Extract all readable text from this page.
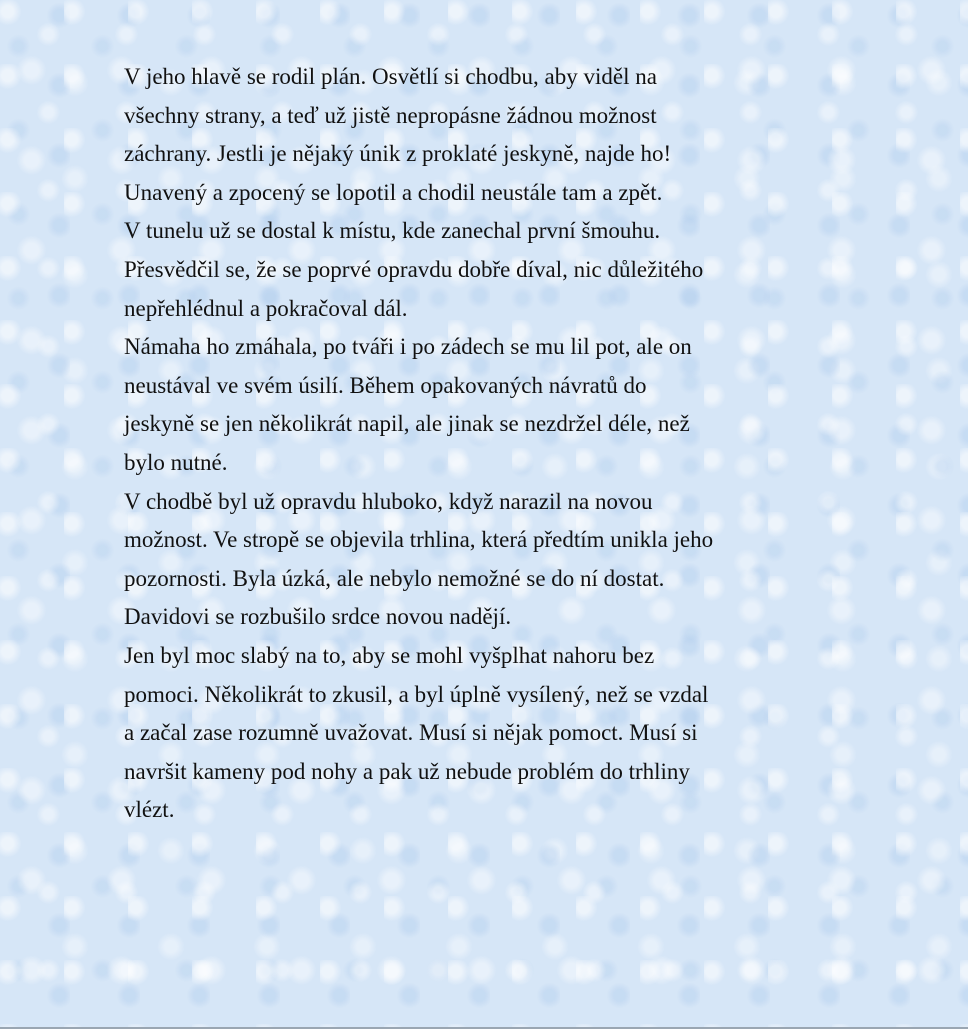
V jeho hlavě se rodil plán. Osvětlí si chodbu, aby viděl na
všechny strany, a teď už jistě nepropásne žádnou možnost
záchrany. Jestli je nějaký únik z proklaté jeskyně, najde ho!
Unavený a zpocený se lopotil a chodil neustále tam a zpět.
V tunelu už se dostal k místu, kde zanechal první šmouhu.
Přesvědčil se, že se poprvé opravdu dobře díval, nic důležitého
nepřehlédnul a pokračoval dál.
Námaha ho zmáhala, po tváři i po zádech se mu lil pot, ale on
neustával ve svém úsilí. Během opakovaných návratů do
jeskyně se jen několikrát napil, ale jinak se nezdržel déle, než
bylo nutné.
V chodbě byl už opravdu hluboko, když narazil na novou
možnost. Ve stropě se objevila trhlina, která předtím unikla jeho
pozornosti. Byla úzká, ale nebylo nemožné se do ní dostat.
Davidovi se rozbušilo srdce novou nadějí.
Jen byl moc slabý na to, aby se mohl vyšplhat nahoru bez
pomoci. Několikrát to zkusil, a byl úplně vysílený, než se vzdal
a začal zase rozumně uvažovat. Musí si nějak pomoct. Musí si
navršit kameny pod nohy a pak už nebude problém do trhliny
vlézt.
